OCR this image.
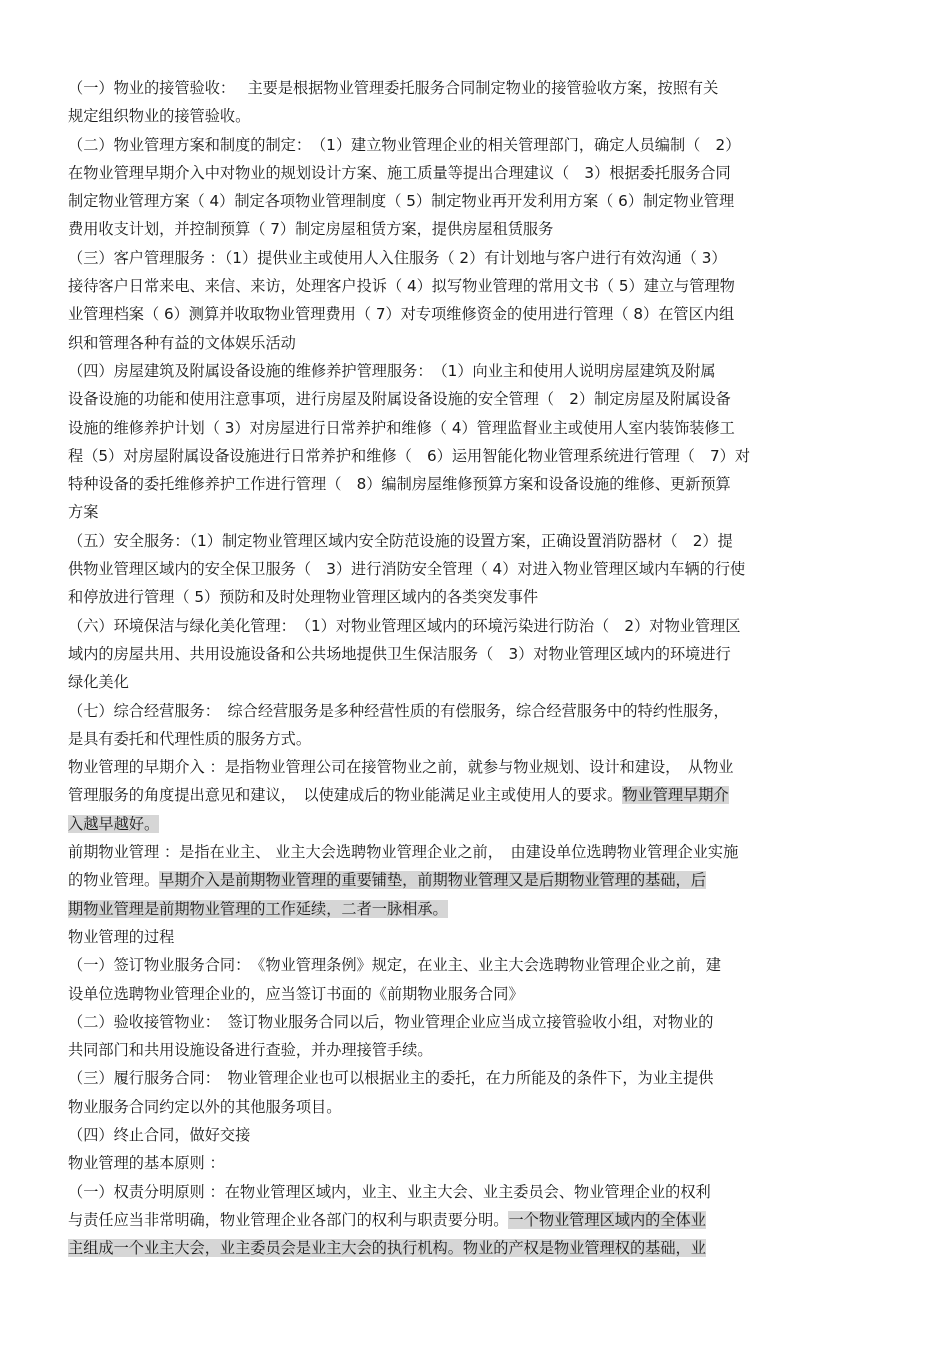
（一）物业的接管验收：　 主要是根据物业管理委托服务合同制定物业的接管验收方案，按照有关
规定组织物业的接管验收。
（二）物业管理方案和制度的制定：　（1）建立物业管理企业的相关管理部门，确定人员编制（　2）
在物业管理早期介入中对物业的规划设计方案、施工质量等提出合理建议（　3）根据委托服务合同
制定物业管理方案（ 4）制定各项物业管理制度（ 5）制定物业再开发利用方案（ 6）制定物业管理
费用收支计划，并控制预算（ 7）制定房屋租赁方案，提供房屋租赁服务
（三）客户管理服务 ：（1）提供业主或使用人入住服务（ 2）有计划地与客户进行有效沟通（ 3）
接待客户日常来电、来信、来访，处理客户投诉（ 4）拟写物业管理的常用文书（ 5）建立与管理物
业管理档案（ 6）测算并收取物业管理费用（ 7）对专项维修资金的使用进行管理（ 8）在管区内组
织和管理各种有益的文体娱乐活动
（四）房屋建筑及附属设备设施的维修养护管理服务：　（1）向业主和使用人说明房屋建筑及附属
设备设施的功能和使用注意事项，进行房屋及附属设备设施的安全管理（　2）制定房屋及附属设备
设施的维修养护计划（ 3）对房屋进行日常养护和维修（ 4）管理监督业主或使用人室内装饰装修工
程（5）对房屋附属设备设施进行日常养护和维修（　6）运用智能化物业管理系统进行管理（　7）对
特种设备的委托维修养护工作进行管理（　8）编制房屋维修预算方案和设备设施的维修、更新预算
方案
（五）安全服务：（1）制定物业管理区域内安全防范设施的设置方案，正确设置消防器材（　2）提
供物业管理区域内的安全保卫服务（　3）进行消防安全管理（ 4）对进入物业管理区域内车辆的行使
和停放进行管理（ 5）预防和及时处理物业管理区域内的各类突发事件
（六）环境保洁与绿化美化管理：　（1）对物业管理区域内的环境污染进行防治（　2）对物业管理区
域内的房屋共用、共用设施设备和公共场地提供卫生保洁服务（　3）对物业管理区域内的环境进行
绿化美化
（七）综合经营服务：　综合经营服务是多种经营性质的有偿服务，综合经营服务中的特约性服务，
是具有委托和代理性质的服务方式。
物业管理的早期介入 ：是指物业管理公司在接管物业之前，就参与物业规划、设计和建设，　从物业
管理服务的角度提出意见和建议，　以使建成后的物业能满足业主或使用人的要求。物业管理早期介
入越早越好。
前期物业管理 ：是指在业主、 业主大会选聘物业管理企业之前，　由建设单位选聘物业管理企业实施
的物业管理。早期介入是前期物业管理的重要铺垫，前期物业管理又是后期物业管理的基础，后
期物业管理是前期物业管理的工作延续，二者一脉相承。
物业管理的过程
（一）签订物业服务合同：　《物业管理条例》规定，在业主、业主大会选聘物业管理企业之前，建
设单位选聘物业管理企业的，应当签订书面的《前期物业服务合同》
（二）验收接管物业：　签订物业服务合同以后，物业管理企业应当成立接管验收小组，对物业的
共同部门和共用设施设备进行查验，并办理接管手续。
（三）履行服务合同：　物业管理企业也可以根据业主的委托，在力所能及的条件下，为业主提供
物业服务合同约定以外的其他服务项目。
（四）终止合同，做好交接
物业管理的基本原则 ：
（一）权责分明原则 ：在物业管理区域内，业主、业主大会、业主委员会、物业管理企业的权利
与责任应当非常明确，物业管理企业各部门的权利与职责要分明。一个物业管理区域内的全体业
主组成一个业主大会，业主委员会是业主大会的执行机构。物业的产权是物业管理权的基础，业
